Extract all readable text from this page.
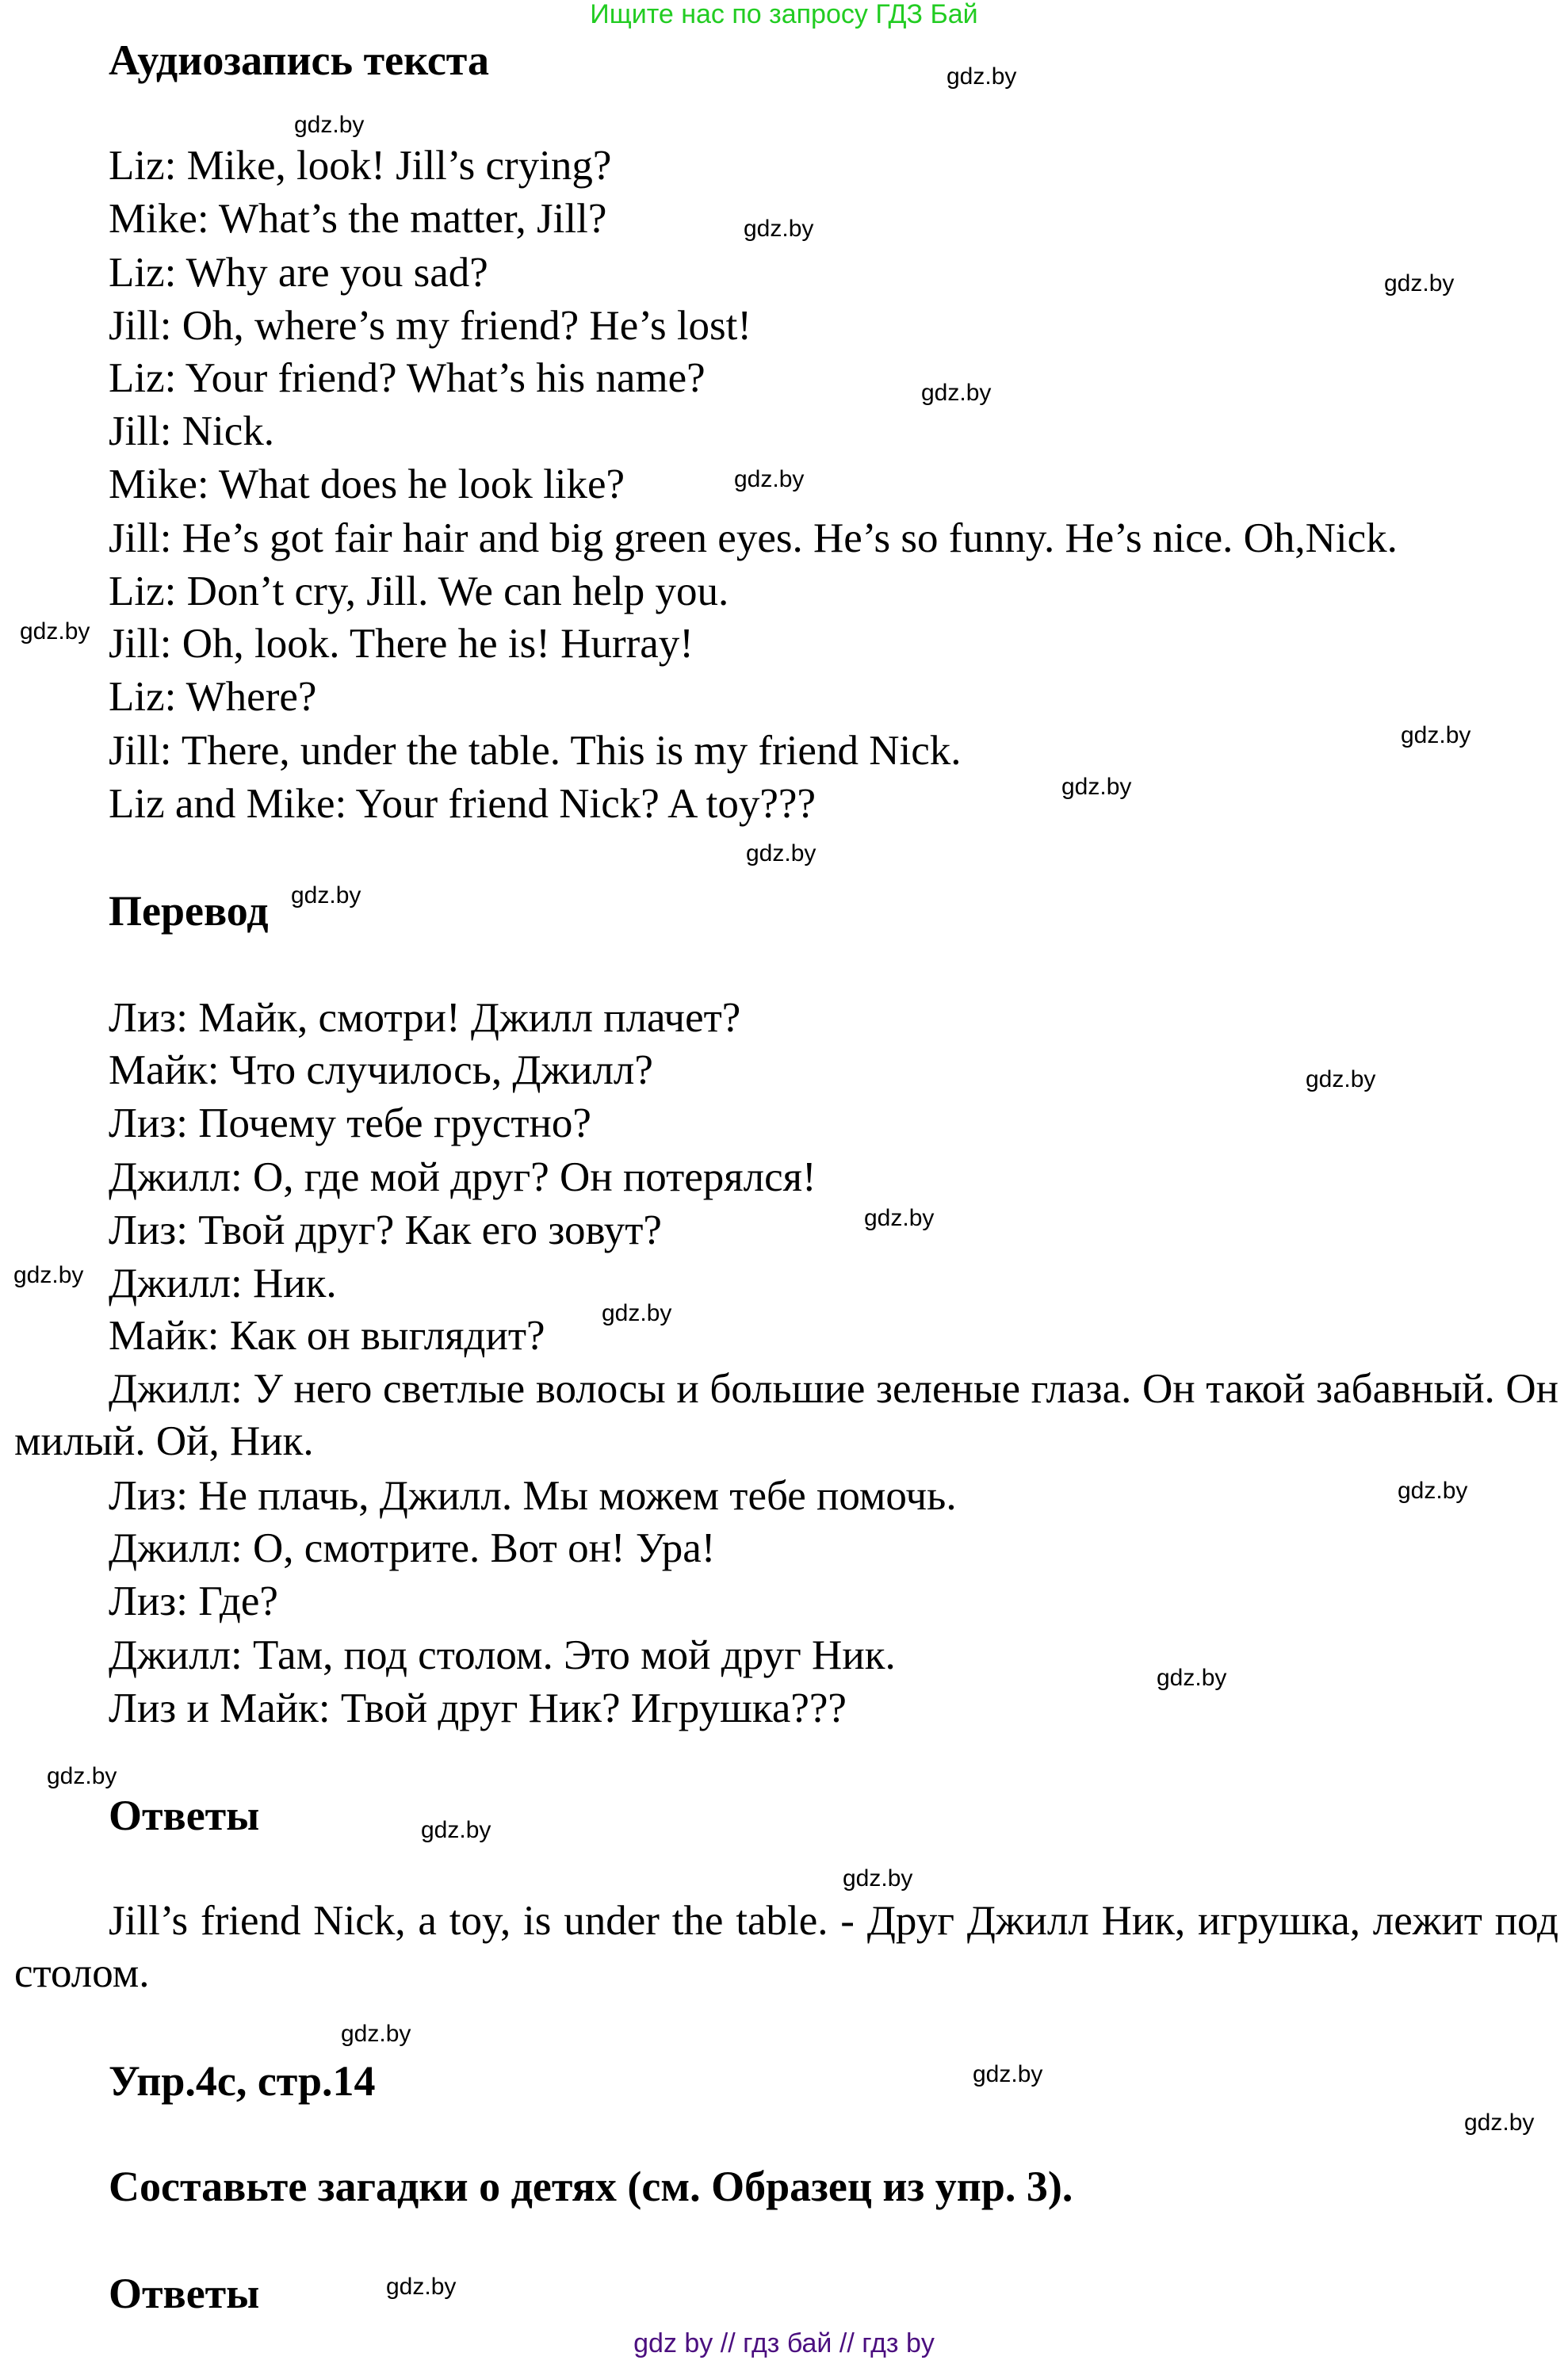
Ищите нас по запросу ГДЗ Бай
Аудиозапись текста
Liz: Mike, look! Jill’s crying?
Mike: What’s the matter, Jill?
Liz: Why are you sad?
Jill: Oh, where’s my friend? He’s lost!
Liz: Your friend? What’s his name?
Jill: Nick.
Mike: What does he look like?
Jill: He’s got fair hair and big green eyes. He’s so funny. He’s nice. Oh,Nick.
Liz: Don’t cry, Jill. We can help you.
Jill: Oh, look. There he is! Hurray!
Liz: Where?
Jill: There, under the table. This is my friend Nick.
Liz and Mike: Your friend Nick? A toy???
Перевод
Лиз: Майк, смотри! Джилл плачет?
Майк: Что случилось, Джилл?
Лиз: Почему тебе грустно?
Джилл: О, где мой друг? Он потерялся!
Лиз: Твой друг? Как его зовут?
Джилл: Ник.
Майк: Как он выглядит?
Джилл: У него светлые волосы и большие зеленые глаза. Он такой забавный. Он милый. Ой, Ник.
Лиз: Не плачь, Джилл. Мы можем тебе помочь.
Джилл: О, смотрите. Вот он! Ура!
Лиз: Где?
Джилл: Там, под столом. Это мой друг Ник.
Лиз и Майк: Твой друг Ник? Игрушка???
Ответы
Jill’s friend Nick, a toy, is under the table. - Друг Джилл Ник, игрушка, лежит под столом.
Упр.4с, стр.14
Составьте загадки о детях (см. Образец из упр. 3).
Ответы
gdz.by
gdz.by
gdz.by
gdz.by
gdz.by
gdz.by
gdz.by
gdz.by
gdz.by
gdz.by
gdz.by
gdz.by
gdz.by
gdz.by
gdz.by
gdz.by
gdz.by
gdz.by
gdz.by
gdz.by
gdz.by
gdz.by
gdz.by
gdz.by
gdz by // гдз бай // гдз by
